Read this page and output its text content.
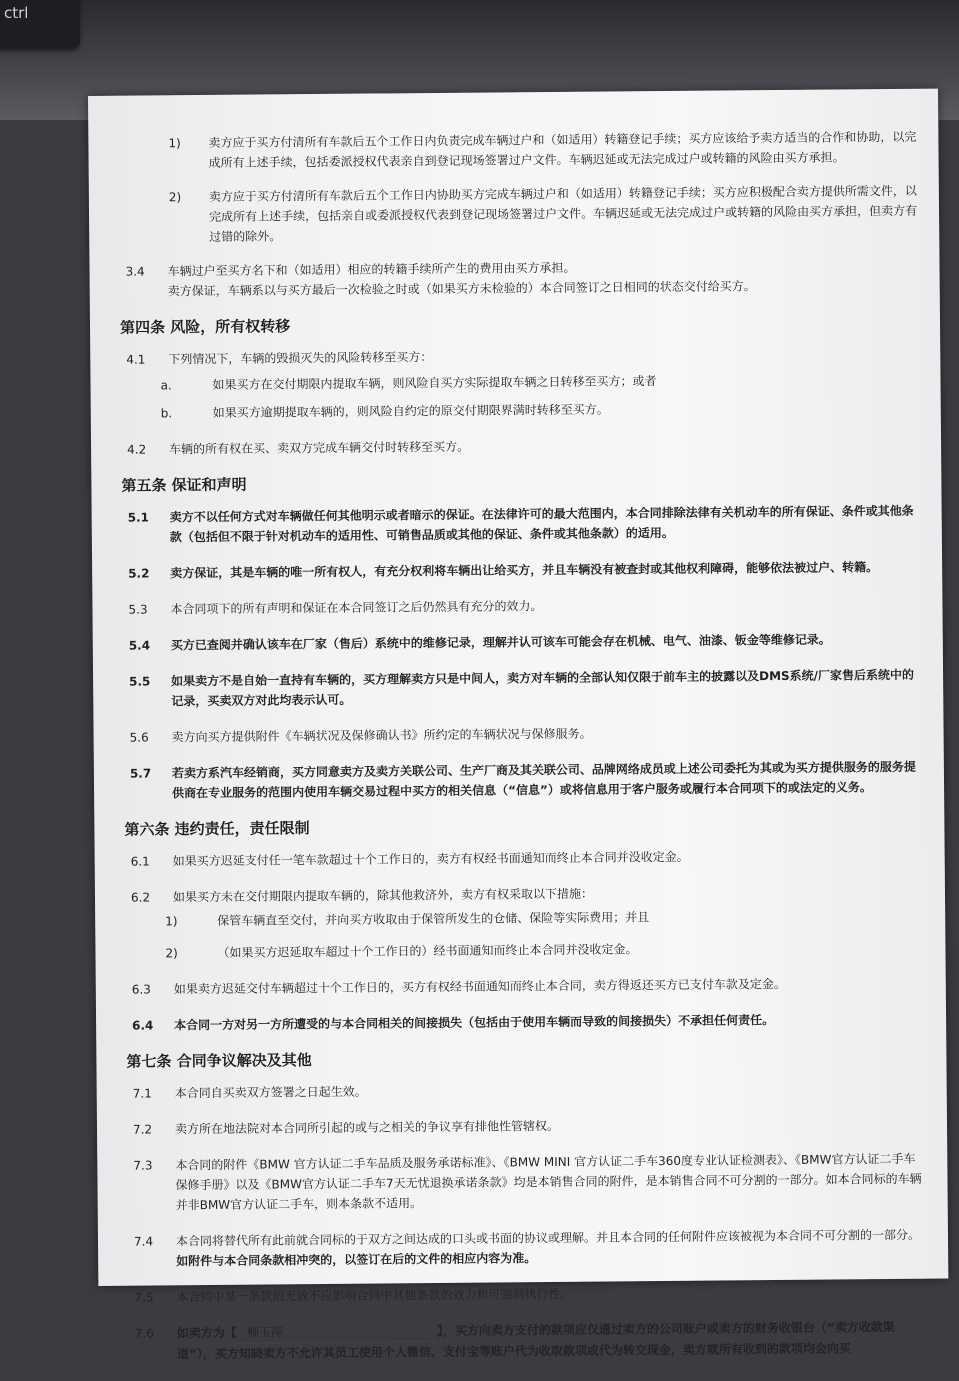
ctrl
1) 卖方应于买方付清所有车款后五个工作日内负责完成车辆过户和（如适用）转籍登记手续；买方应该给予卖方适当的合作和协助，以完成所有上述手续，包括委派授权代表亲自到登记现场签署过户文件。车辆迟延或无法完成过户或转籍的风险由买方承担。
2) 卖方应于买方付清所有车款后五个工作日内协助买方完成车辆过户和（如适用）转籍登记手续；买方应积极配合卖方提供所需文件，以完成所有上述手续，包括亲自或委派授权代表到登记现场签署过户文件。车辆迟延或无法完成过户或转籍的风险由买方承担，但卖方有过错的除外。
3.4	车辆过户至买方名下和（如适用）相应的转籍手续所产生的费用由买方承担。
卖方保证，车辆系以与买方最后一次检验之时或（如果买方未检验的）本合同签订之日相同的状态交付给买方。
第四条 风险，所有权转移
4.1	下列情况下，车辆的毁损灭失的风险转移至买方：
a.	如果买方在交付期限内提取车辆，则风险自买方实际提取车辆之日转移至买方；或者
b.	如果买方逾期提取车辆的，则风险自约定的原交付期限界满时转移至买方。
4.2	车辆的所有权在买、卖双方完成车辆交付时转移至买方。
第五条 保证和声明
5.1	卖方不以任何方式对车辆做任何其他明示或者暗示的保证。在法律许可的最大范围内，本合同排除法律有关机动车的所有保证、条件或其他条款（包括但不限于针对机动车的适用性、可销售品质或其他的保证、条件或其他条款）的适用。
5.2	卖方保证，其是车辆的唯一所有权人，有充分权利将车辆出让给买方，并且车辆没有被查封或其他权利障碍，能够依法被过户、转籍。
5.3	本合同项下的所有声明和保证在本合同签订之后仍然具有充分的效力。
5.4	买方已查阅并确认该车在厂家（售后）系统中的维修记录，理解并认可该车可能会存在机械、电气、油漆、钣金等维修记录。
5.5	如果卖方不是自始一直持有车辆的，买方理解卖方只是中间人，卖方对车辆的全部认知仅限于前车主的披露以及DMS系统/厂家售后系统中的记录，买卖双方对此均表示认可。
5.6	卖方向买方提供附件《车辆状况及保修确认书》所约定的车辆状况与保修服务。
5.7	若卖方系汽车经销商，买方同意卖方及卖方关联公司、生产厂商及其关联公司、品牌网络成员或上述公司委托为其或为买方提供服务的服务提供商在专业服务的范围内使用车辆交易过程中买方的相关信息（“信息”）或将信息用于客户服务或履行本合同项下的或法定的义务。
第六条 违约责任，责任限制
6.1	如果买方迟延支付任一笔车款超过十个工作日的，卖方有权经书面通知而终止本合同并没收定金。
6.2	如果买方未在交付期限内提取车辆的，除其他救济外，卖方有权采取以下措施：
1)	保管车辆直至交付，并向买方收取由于保管所发生的仓储、保险等实际费用；并且
2)	（如果买方迟延取车超过十个工作日的）经书面通知而终止本合同并没收定金。
6.3	如果卖方迟延交付车辆超过十个工作日的，买方有权经书面通知而终止本合同，卖方得返还买方已支付车款及定金。
6.4	本合同一方对另一方所遭受的与本合同相关的间接损失（包括由于使用车辆而导致的间接损失）不承担任何责任。
第七条 合同争议解决及其他
7.1	本合同自买卖双方签署之日起生效。
7.2	卖方所在地法院对本合同所引起的或与之相关的争议享有排他性管辖权。
7.3	本合同的附件《BMW 官方认证二手车品质及服务承诺标准》、《BMW MINI 官方认证二手车360度专业认证检测表》、《BMW官方认证二手车保修手册》以及《BMW官方认证二手车7天无忧退换承诺条款》均是本销售合同的附件，是本销售合同不可分割的一部分。如本合同标的车辆并非BMW官方认证二手车，则本条款不适用。
7.4	本合同将替代所有此前就合同标的于双方之间达成的口头或书面的协议或理解。并且本合同的任何附件应该被视为本合同不可分割的一部分。如附件与本合同条款相冲突的，以签订在后的文件的相应内容为准。
7.5	本合同中某一条款的无效不应影响合同中其他条款的效力和可强制执行性。
7.6	如卖方为【 柳玉萍	】，买方向卖方支付的款项应仅通过卖方的公司账户或卖方的财务收银台（“卖方收款渠道”），买方知晓卖方不允许其员工使用个人微信、支付宝等账户代为收取款项或代为转交现金，卖方就所有收到的款项均会向买
